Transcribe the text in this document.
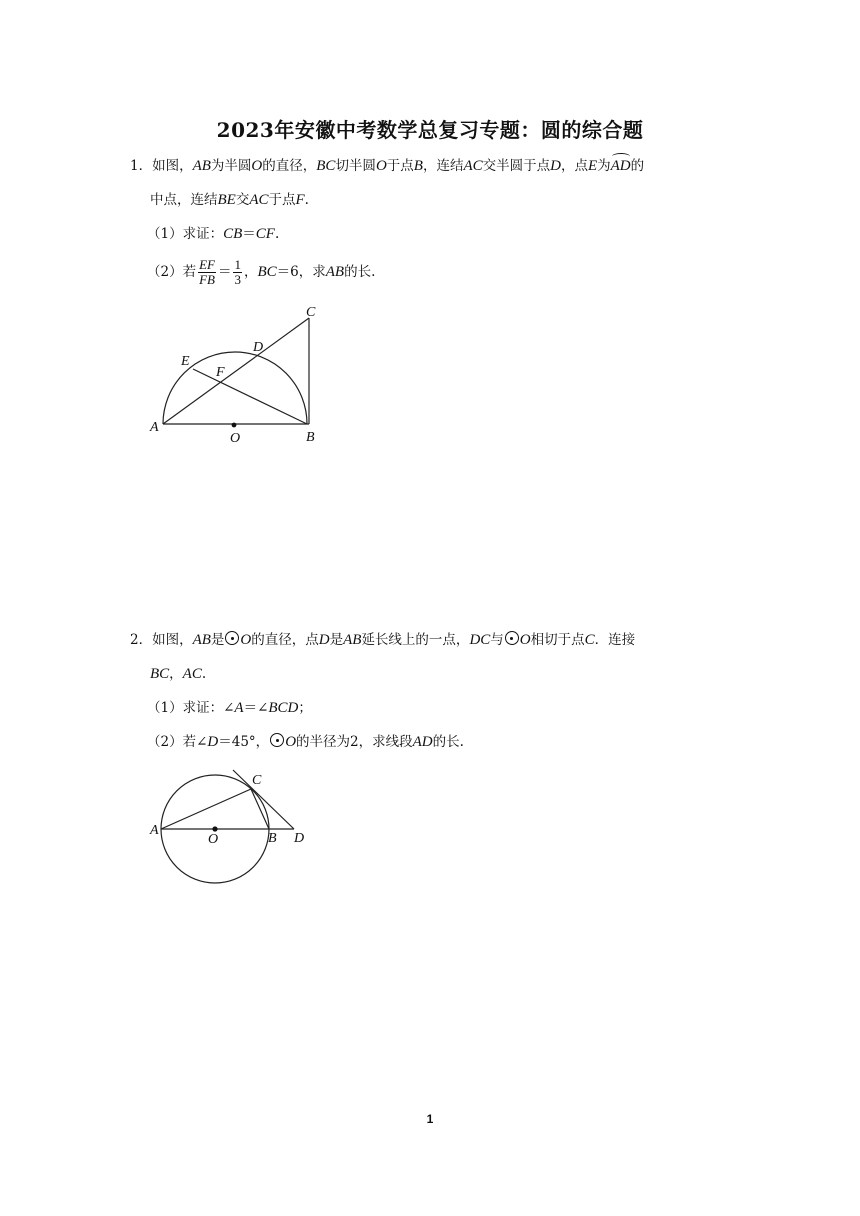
2023年安徽中考数学总复习专题：圆的综合题
1．如图，AB为半圆O的直径，BC切半圆O于点B，连结AC交半圆于点D，点E为AD的
中点，连结BE交AC于点F.
（1）求证：CB＝CF.
（2）若 $\frac{EF}{FB} = \frac{1}{3}$ ，BC＝6，求AB的长.
A
B
C
D
E
F
O
2．如图，AB是 O的直径，点D是AB延长线上的一点，DC与 O相切于点C．连接
BC，AC.
（1）求证：∠A＝∠BCD；
（2）若∠D＝45°， O的半径为2，求线段AD的长.
A
B
C
D
O
1
